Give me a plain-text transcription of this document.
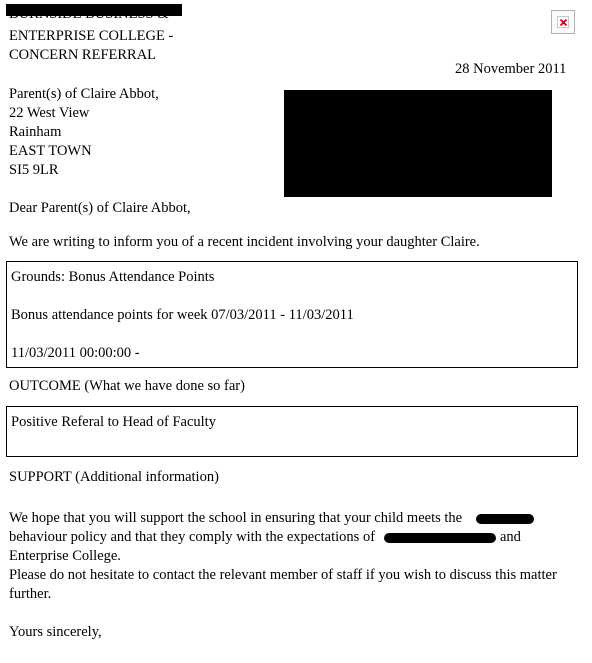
ENTERPRISE COLLEGE -
CONCERN REFERRAL
28 November 2011
Parent(s) of Claire Abbot,
22 West View
Rainham
EAST TOWN
SI5 9LR
Dear Parent(s) of Claire Abbot,
We are writing to inform you of a recent incident involving your daughter Claire.
Grounds: Bonus Attendance Points
Bonus attendance points for week 07/03/2011 - 11/03/2011
11/03/2011 00:00:00 -
OUTCOME (What we have done so far)
Positive Referal to Head of Faculty
SUPPORT (Additional information)
We hope that you will support the school in ensuring that your child meets the
behaviour policy and that they comply with the expectations of	and
Enterprise College.
Please do not hesitate to contact the relevant member of staff if you wish to discuss this matter
further.
Yours sincerely,
